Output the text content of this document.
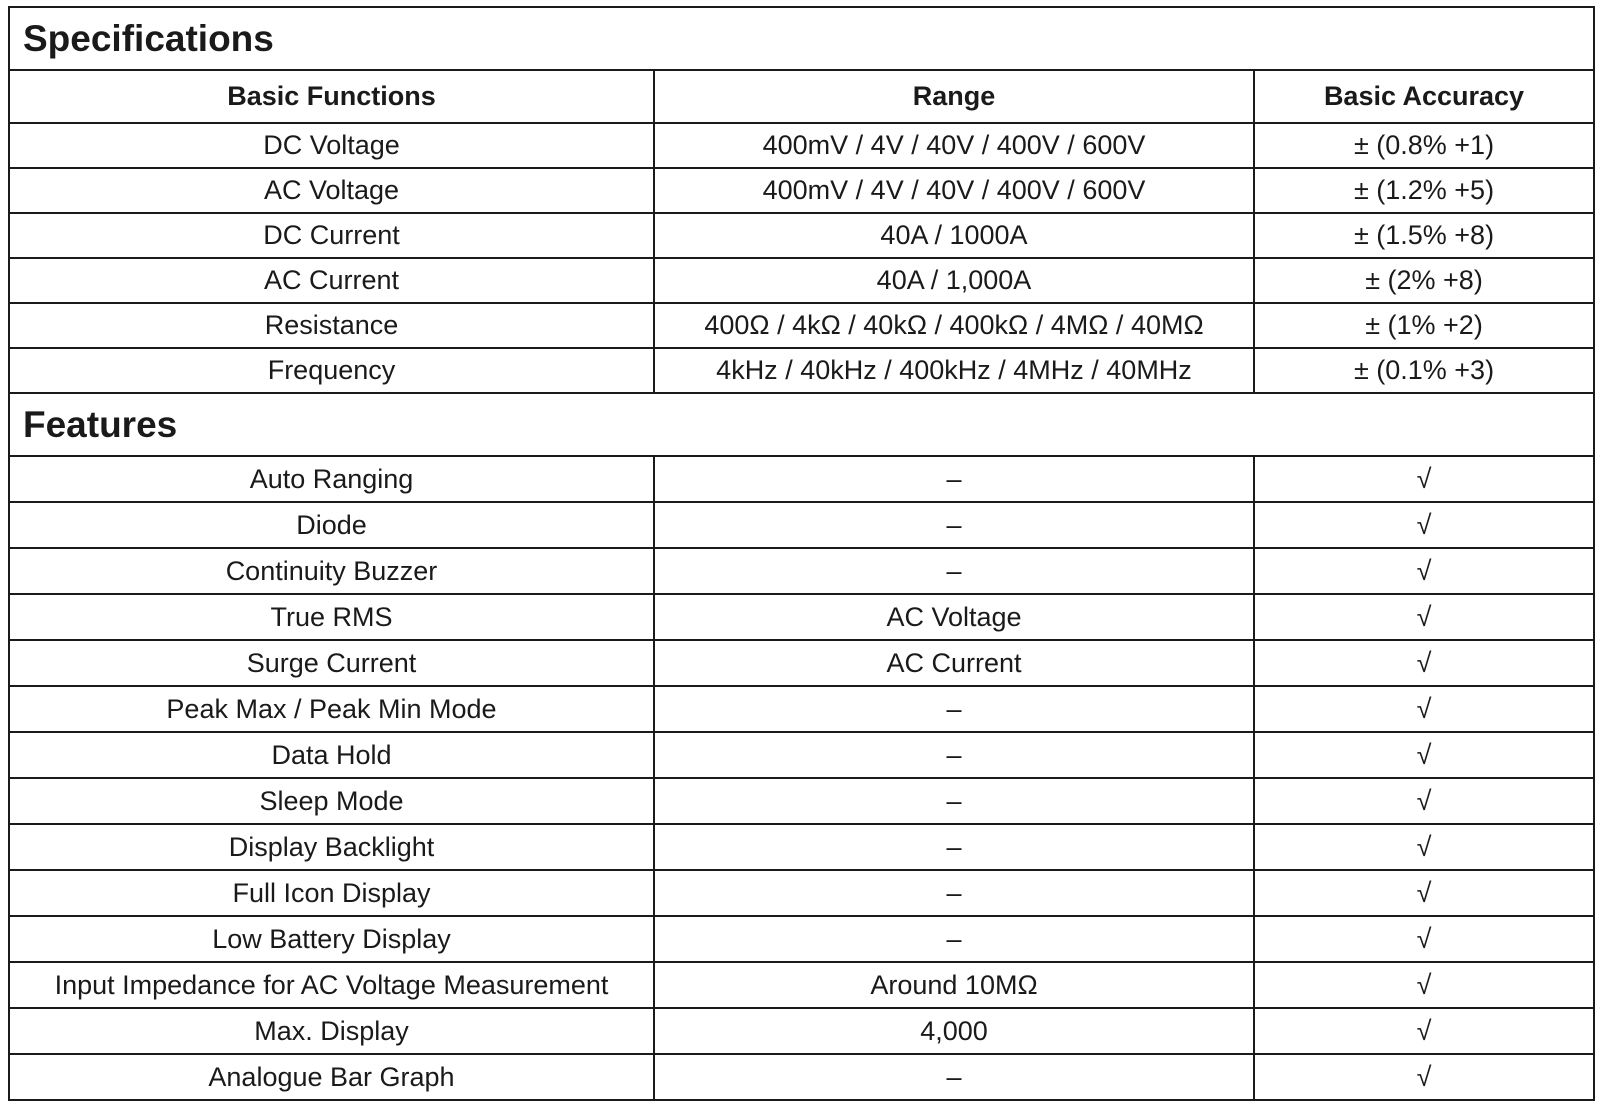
Specifications		
Basic Functions	Range	Basic Accuracy
DC Voltage	400mV / 4V / 40V / 400V / 600V	± (0.8% +1)
AC Voltage	400mV / 4V / 40V / 400V / 600V	± (1.2% +5)
DC Current	40A / 1000A	± (1.5% +8)
AC Current	40A / 1,000A	± (2% +8)
Resistance	400Ω / 4kΩ / 40kΩ / 400kΩ / 4MΩ / 40MΩ	± (1% +2)
Frequency	4kHz / 40kHz / 400kHz / 4MHz / 40MHz	± (0.1% +3)
Features		
Auto Ranging	–	√
Diode	–	√
Continuity Buzzer	–	√
True RMS	AC Voltage	√
Surge Current	AC Current	√
Peak Max / Peak Min Mode	–	√
Data Hold	–	√
Sleep Mode	–	√
Display Backlight	–	√
Full Icon Display	–	√
Low Battery Display	–	√
Input Impedance for AC Voltage Measurement	Around 10MΩ	√
Max. Display	4,000	√
Analogue Bar Graph	–	√
